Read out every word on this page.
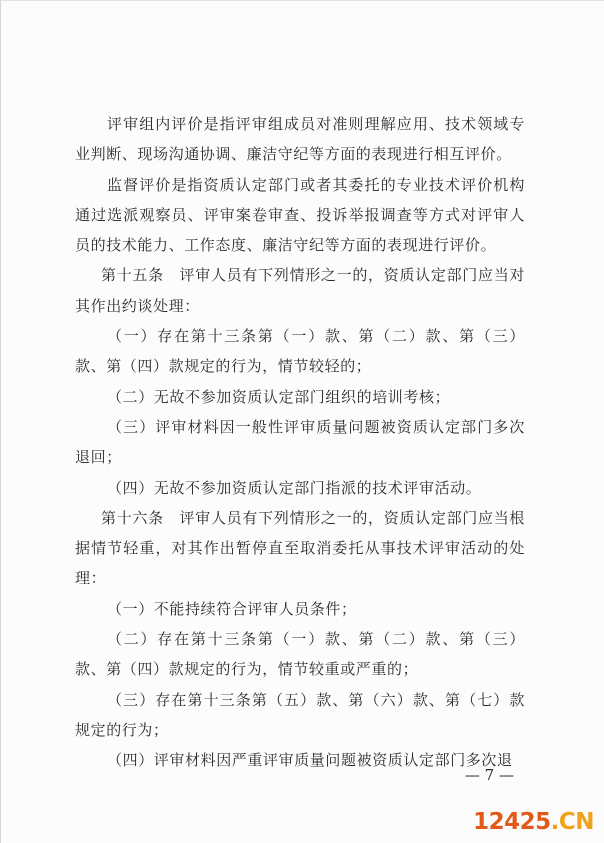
评审组内评价是指评审组成员对准则理解应用、技术领域专业判断、现场沟通协调、廉洁守纪等方面的表现进行相互评价。

监督评价是指资质认定部门或者其委托的专业技术评价机构通过选派观察员、评审案卷审查、投诉举报调查等方式对评审人员的技术能力、工作态度、廉洁守纪等方面的表现进行评价。

第十五条　评审人员有下列情形之一的，资质认定部门应当对其作出约谈处理：

（一）存在第十三条第（一）款、第（二）款、第（三）款、第（四）款规定的行为，情节较轻的；

（二）无故不参加资质认定部门组织的培训考核；

（三）评审材料因一般性评审质量问题被资质认定部门多次退回；

（四）无故不参加资质认定部门指派的技术评审活动。

第十六条　评审人员有下列情形之一的，资质认定部门应当根据情节轻重，对其作出暂停直至取消委托从事技术评审活动的处理：

（一）不能持续符合评审人员条件；

（二）存在第十三条第（一）款、第（二）款、第（三）款、第（四）款规定的行为，情节较重或严重的；

（三）存在第十三条第（五）款、第（六）款、第（七）款规定的行为；

（四）评审材料因严重评审质量问题被资质认定部门多次退

— 7 —
12425.CN
